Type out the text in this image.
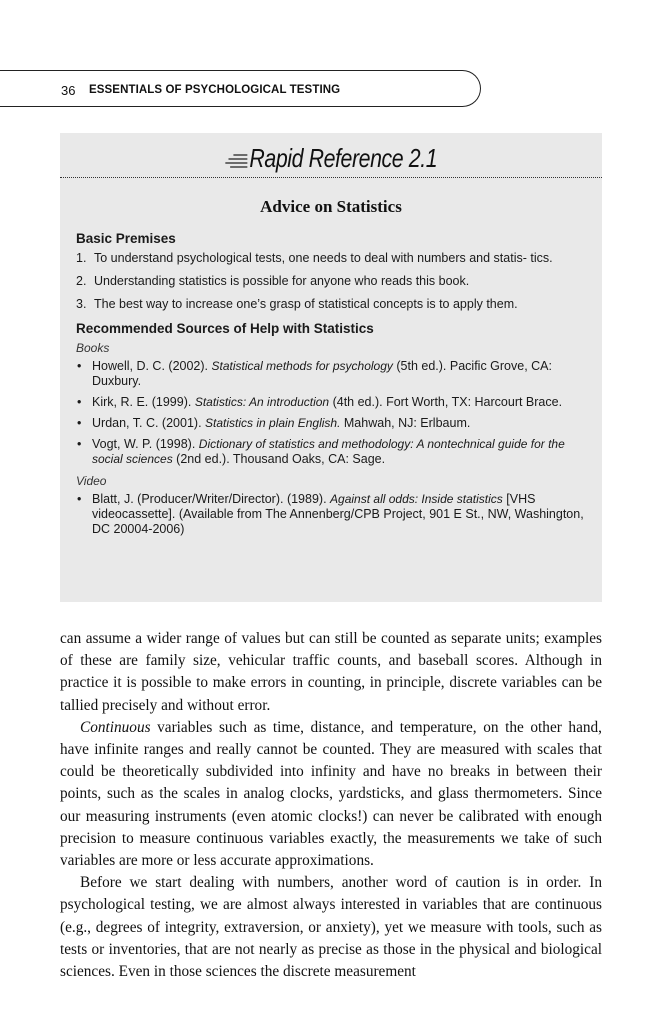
36 ESSENTIALS OF PSYCHOLOGICAL TESTING
Rapid Reference 2.1
Advice on Statistics

Basic Premises

1. To understand psychological tests, one needs to deal with numbers and statis- tics.
2. Understanding statistics is possible for anyone who reads this book.
3. The best way to increase one’s grasp of statistical concepts is to apply them.

Recommended Sources of Help with Statistics

Books

• Howell, D. C. (2002). Statistical methods for psychology (5th ed.). Pacific Grove, CA: Duxbury.
• Kirk, R. E. (1999). Statistics: An introduction (4th ed.). Fort Worth, TX: Harcourt Brace.
• Urdan, T. C. (2001). Statistics in plain English. Mahwah, NJ: Erlbaum.
• Vogt, W. P. (1998). Dictionary of statistics and methodology: A nontechnical guide for the social sciences (2nd ed.). Thousand Oaks, CA: Sage.

Video

• Blatt, J. (Producer/Writer/Director). (1989). Against all odds: Inside statistics [VHS videocassette]. (Available from The Annenberg/CPB Project, 901 E St., NW, Washington, DC 20004-2006)

can assume a wider range of values but can still be counted as separate units; examples of these are family size, vehicular traffic counts, and baseball scores. Although in practice it is possible to make errors in counting, in principle, discrete variables can be tallied precisely and without error.

Continuous variables such as time, distance, and temperature, on the other hand, have infinite ranges and really cannot be counted. They are measured with scales that could be theoretically subdivided into infinity and have no breaks in between their points, such as the scales in analog clocks, yardsticks, and glass thermometers. Since our measuring instruments (even atomic clocks!) can never be calibrated with enough precision to measure continuous variables exactly, the measurements we take of such variables are more or less accurate approximations.

Before we start dealing with numbers, another word of caution is in order. In psychological testing, we are almost always interested in variables that are continuous (e.g., degrees of integrity, extraversion, or anxiety), yet we measure with tools, such as tests or inventories, that are not nearly as precise as those in the physical and biological sciences. Even in those sciences the discrete measurement
